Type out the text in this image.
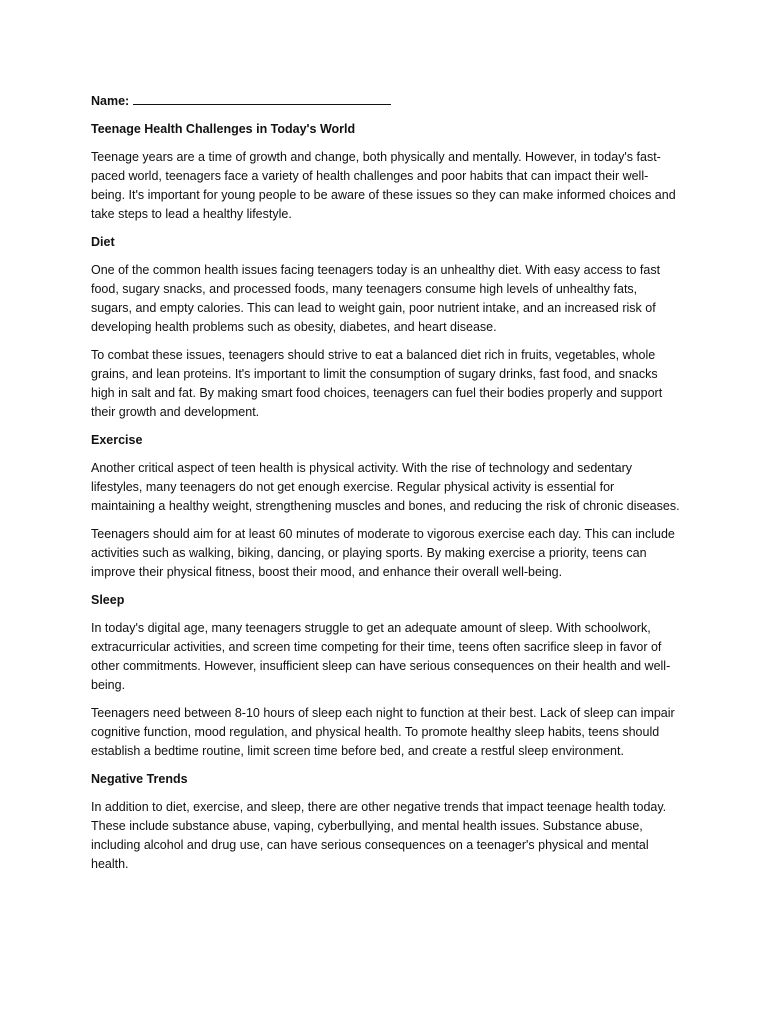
Name:
Teenage Health Challenges in Today's World

Teenage years are a time of growth and change, both physically and mentally. However, in today's fast-paced world, teenagers face a variety of health challenges and poor habits that can impact their well-being. It's important for young people to be aware of these issues so they can make informed choices and take steps to lead a healthy lifestyle.

Diet

One of the common health issues facing teenagers today is an unhealthy diet. With easy access to fast food, sugary snacks, and processed foods, many teenagers consume high levels of unhealthy fats, sugars, and empty calories. This can lead to weight gain, poor nutrient intake, and an increased risk of developing health problems such as obesity, diabetes, and heart disease.

To combat these issues, teenagers should strive to eat a balanced diet rich in fruits, vegetables, whole grains, and lean proteins. It's important to limit the consumption of sugary drinks, fast food, and snacks high in salt and fat. By making smart food choices, teenagers can fuel their bodies properly and support their growth and development.

Exercise

Another critical aspect of teen health is physical activity. With the rise of technology and sedentary lifestyles, many teenagers do not get enough exercise. Regular physical activity is essential for maintaining a healthy weight, strengthening muscles and bones, and reducing the risk of chronic diseases.

Teenagers should aim for at least 60 minutes of moderate to vigorous exercise each day. This can include activities such as walking, biking, dancing, or playing sports. By making exercise a priority, teens can improve their physical fitness, boost their mood, and enhance their overall well-being.

Sleep

In today's digital age, many teenagers struggle to get an adequate amount of sleep. With schoolwork, extracurricular activities, and screen time competing for their time, teens often sacrifice sleep in favor of other commitments. However, insufficient sleep can have serious consequences on their health and well-being.

Teenagers need between 8-10 hours of sleep each night to function at their best. Lack of sleep can impair cognitive function, mood regulation, and physical health. To promote healthy sleep habits, teens should establish a bedtime routine, limit screen time before bed, and create a restful sleep environment.

Negative Trends

In addition to diet, exercise, and sleep, there are other negative trends that impact teenage health today. These include substance abuse, vaping, cyberbullying, and mental health issues. Substance abuse, including alcohol and drug use, can have serious consequences on a teenager's physical and mental health.
